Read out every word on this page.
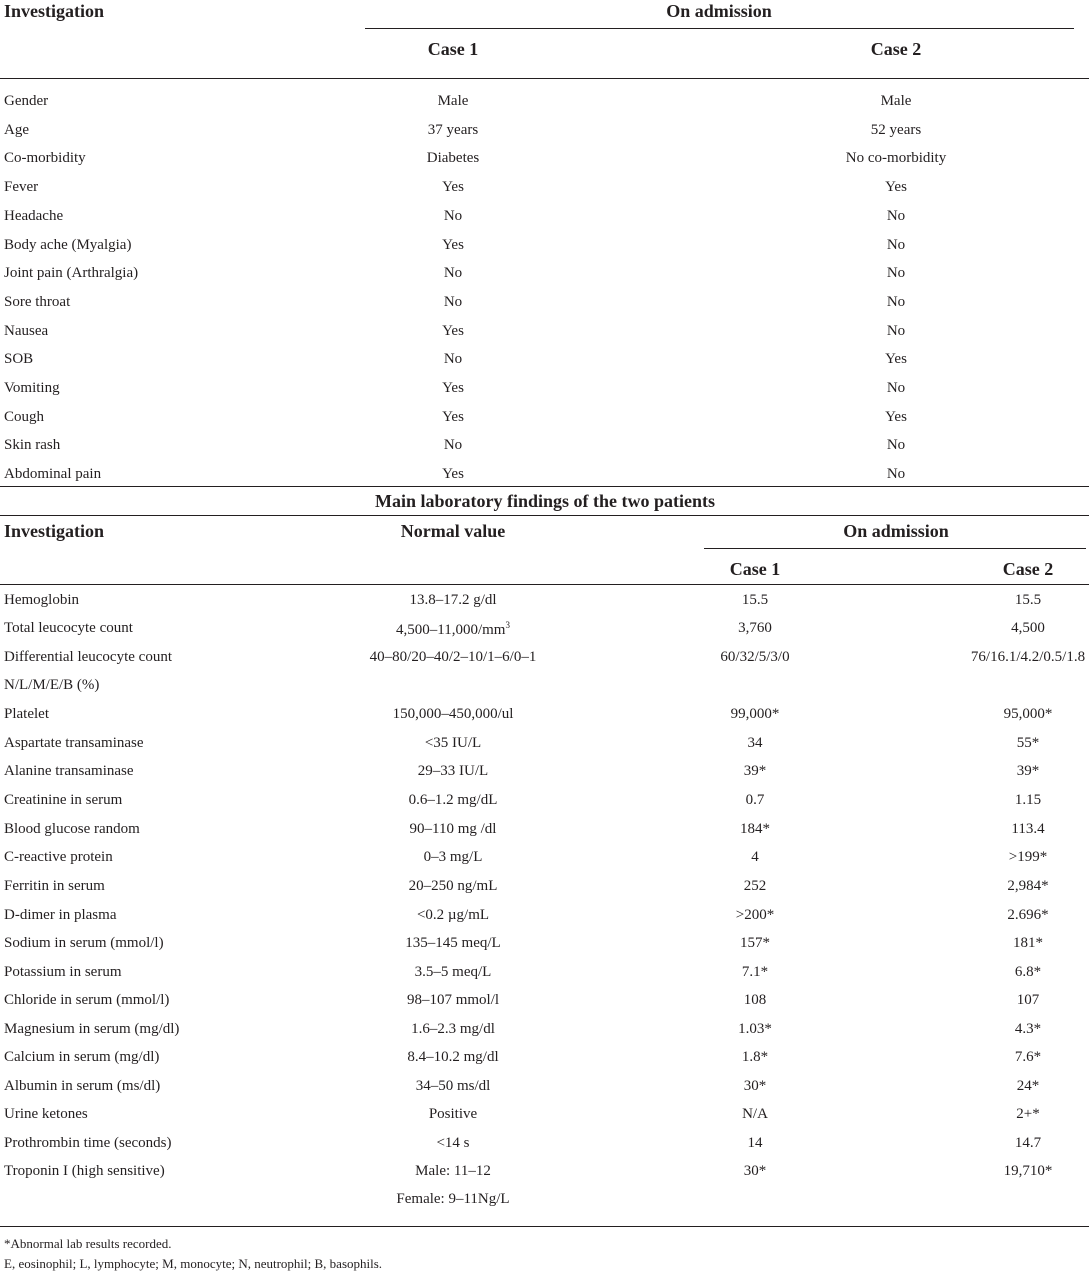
Investigation	On admission
Case 1	Case 2
Gender	Male	Male
Age	37 years	52 years
Co-morbidity	Diabetes	No co-morbidity
Fever	Yes	Yes
Headache	No	No
Body ache (Myalgia)	Yes	No
Joint pain (Arthralgia)	No	No
Sore throat	No	No
Nausea	Yes	No
SOB	No	Yes
Vomiting	Yes	No
Cough	Yes	Yes
Skin rash	No	No
Abdominal pain	Yes	No
Main laboratory findings of the two patients
Investigation	Normal value	On admission
Case 1	Case 2
Hemoglobin	13.8–17.2 g/dl	15.5	15.5
Total leucocyte count	$4,500-11,000/mm^3$	3,760	4,500
Differential leucocyte count	40–80/20–40/2–10/1–6/0–1	60/32/5/3/0	76/16.1/4.2/0.5/1.8
N/L/M/E/B (%)
Platelet	150,000–450,000/ul	99,000*	95,000*
Aspartate transaminase	<35 IU/L	34	55*
Alanine transaminase	29–33 IU/L	39*	39*
Creatinine in serum	0.6–1.2 mg/dL	0.7	1.15
Blood glucose random	90–110 mg /dl	184*	113.4
C-reactive protein	0–3 mg/L	4	>199*
Ferritin in serum	20–250 ng/mL	252	2,984*
D-dimer in plasma	<0.2 µg/mL	>200*	2.696*
Sodium in serum (mmol/l)	135–145 meq/L	157*	181*
Potassium in serum	3.5–5 meq/L	7.1*	6.8*
Chloride in serum (mmol/l)	98–107 mmol/l	108	107
Magnesium in serum (mg/dl)	1.6–2.3 mg/dl	1.03*	4.3*
Calcium in serum (mg/dl)	8.4–10.2 mg/dl	1.8*	7.6*
Albumin in serum (ms/dl)	34–50 ms/dl	30*	24*
Urine ketones	Positive	N/A	2+*
Prothrombin time (seconds)	<14 s	14	14.7
Troponin I (high sensitive)	Male: 11–12	30*	19,710*
Female: 9–11Ng/L
*Abnormal lab results recorded.
E, eosinophil; L, lymphocyte; M, monocyte; N, neutrophil; B, basophils.
